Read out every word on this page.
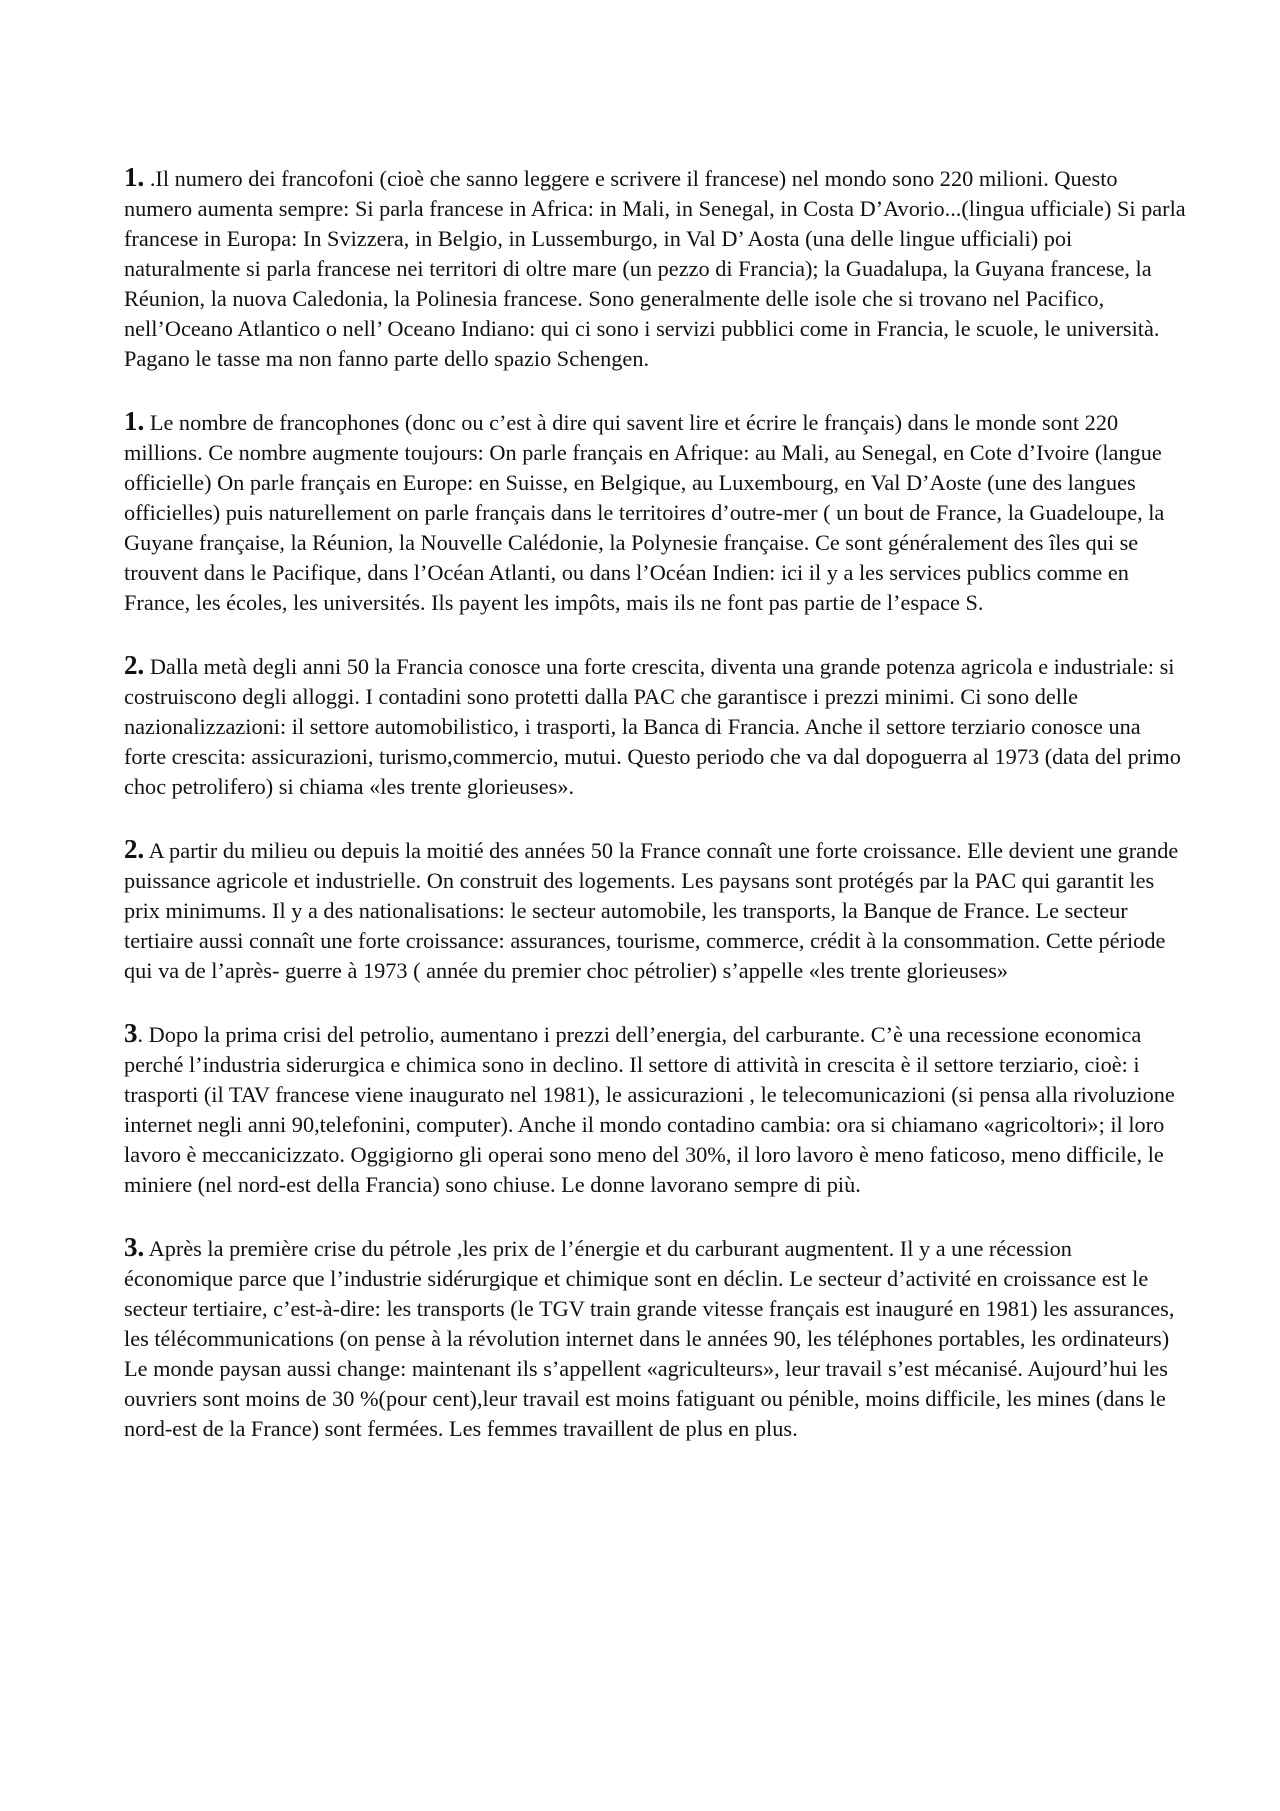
1. .Il numero dei francofoni (cioè che sanno leggere e scrivere il francese) nel mondo sono 220 milioni. Questo numero aumenta sempre: Si parla francese in Africa: in Mali, in Senegal, in Costa D’Avorio...(lingua ufficiale) Si parla francese in Europa: In Svizzera, in Belgio, in Lussemburgo, in Val D’ Aosta (una delle lingue ufficiali) poi naturalmente si parla francese nei territori di oltre mare (un pezzo di Francia); la Guadalupa, la Guyana francese, la Réunion, la nuova Caledonia, la Polinesia francese. Sono generalmente delle isole che si trovano nel Pacifico, nell’Oceano Atlantico o nell’ Oceano Indiano: qui ci sono i servizi pubblici come in Francia, le scuole, le università. Pagano le tasse ma non fanno parte dello spazio Schengen.

1. Le nombre de francophones (donc ou c’est à dire qui savent lire et écrire le français) dans le monde sont 220 millions. Ce nombre augmente toujours: On parle français en Afrique: au Mali, au Senegal, en Cote d’Ivoire (langue officielle) On parle français en Europe: en Suisse, en Belgique, au Luxembourg, en Val D’Aoste (une des langues officielles) puis naturellement on parle français dans le territoires d’outre-mer ( un bout de France, la Guadeloupe, la Guyane française, la Réunion, la Nouvelle Calédonie, la Polynesie française. Ce sont généralement des îles qui se trouvent dans le Pacifique, dans l’Océan Atlanti, ou dans l’Océan Indien: ici il y a les services publics comme en France, les écoles, les universités. Ils payent les impôts, mais ils ne font pas partie de l’espace S.

2. Dalla metà degli anni 50 la Francia conosce una forte crescita, diventa una grande potenza agricola e industriale: si costruiscono degli alloggi. I contadini sono protetti dalla PAC che garantisce i prezzi minimi. Ci sono delle nazionalizzazioni: il settore automobilistico, i trasporti, la Banca di Francia. Anche il settore terziario conosce una forte crescita: assicurazioni, turismo,commercio, mutui. Questo periodo che va dal dopoguerra al 1973 (data del primo choc petrolifero) si chiama «les trente glorieuses».

2. A partir du milieu ou depuis la moitié des années 50 la France connaît une forte croissance. Elle devient une grande puissance agricole et industrielle. On construit des logements. Les paysans sont protégés par la PAC qui garantit les prix minimums. Il y a des nationalisations: le secteur automobile, les transports, la Banque de France. Le secteur tertiaire aussi connaît une forte croissance: assurances, tourisme, commerce, crédit à la consommation. Cette période qui va de l’après- guerre à 1973 ( année du premier choc pétrolier) s’appelle «les trente glorieuses»

3. Dopo la prima crisi del petrolio, aumentano i prezzi dell’energia, del carburante. C’è una recessione economica perché l’industria siderurgica e chimica sono in declino. Il settore di attività in crescita è il settore terziario, cioè: i trasporti (il TAV francese viene inaugurato nel 1981), le assicurazioni , le telecomunicazioni (si pensa alla rivoluzione internet negli anni 90,telefonini, computer). Anche il mondo contadino cambia: ora si chiamano «agricoltori»; il loro lavoro è meccanicizzato. Oggigiorno gli operai sono meno del 30%, il loro lavoro è meno faticoso, meno difficile, le miniere (nel nord-est della Francia) sono chiuse. Le donne lavorano sempre di più.

3. Après la première crise du pétrole ,les prix de l’énergie et du carburant augmentent. Il y a une récession économique parce que l’industrie sidérurgique et chimique sont en déclin. Le secteur d’activité en croissance est le secteur tertiaire, c’est-à-dire: les transports (le TGV train grande vitesse français est inauguré en 1981) les assurances, les télécommunications (on pense à la révolution internet dans le années 90, les téléphones portables, les ordinateurs) Le monde paysan aussi change: maintenant ils s’appellent «agriculteurs», leur travail s’est mécanisé. Aujourd’hui les ouvriers sont moins de 30 %(pour cent),leur travail est moins fatiguant ou pénible, moins difficile, les mines (dans le nord-est de la France) sont fermées. Les femmes travaillent de plus en plus.
